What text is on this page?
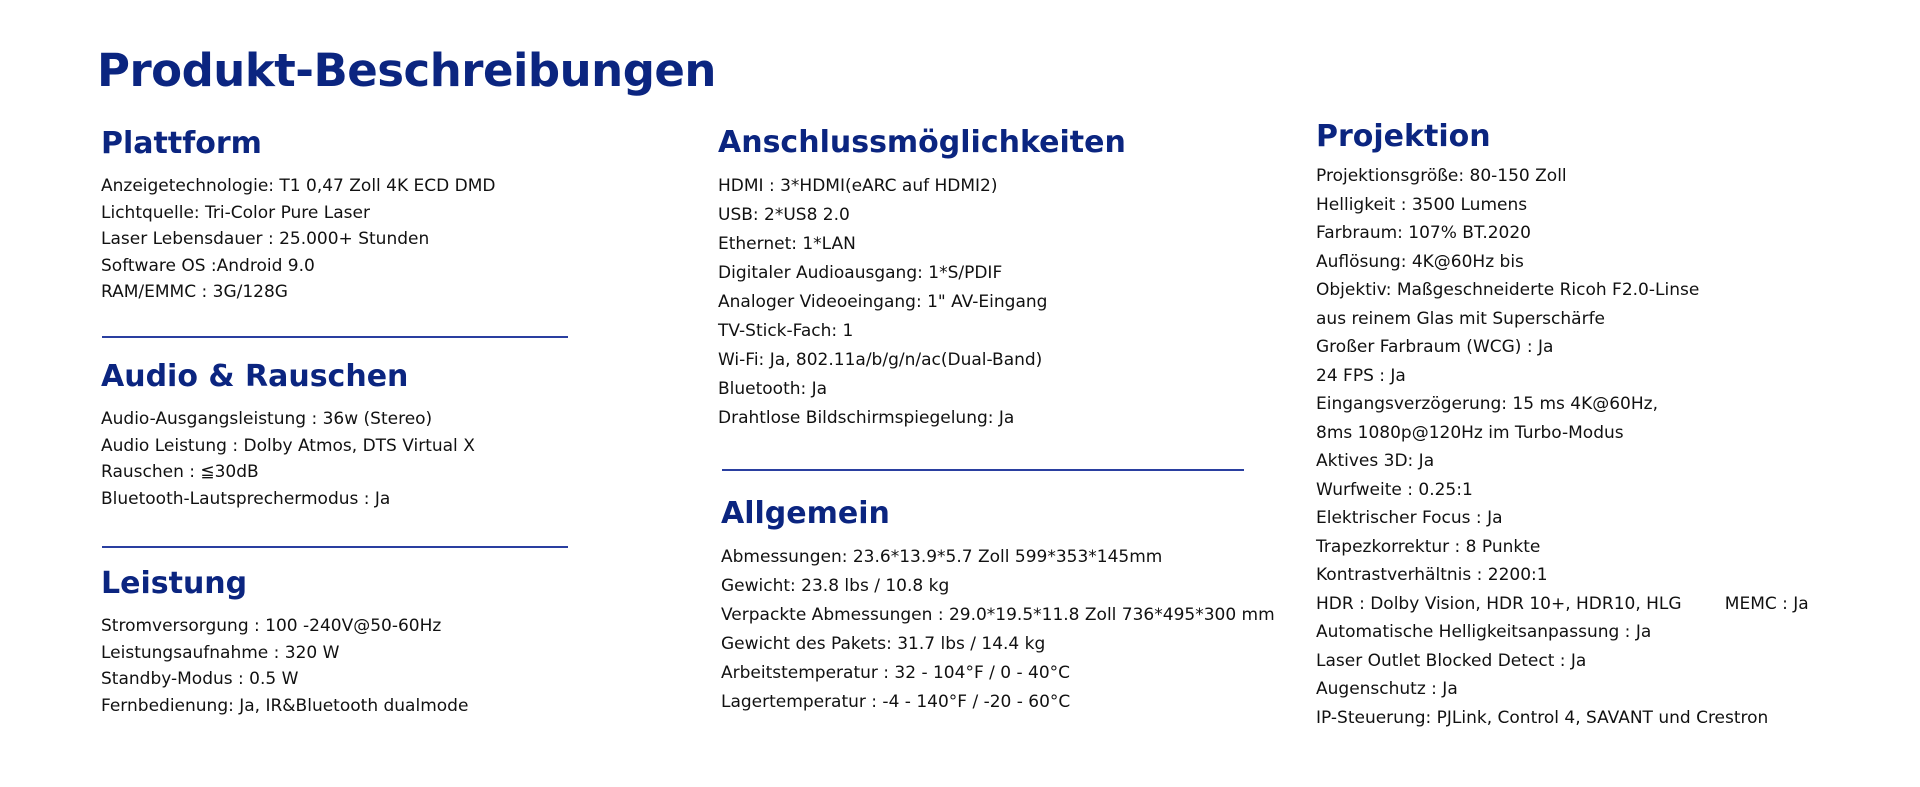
Produkt-Beschreibungen
Plattform
Anzeigetechnologie: T1 0,47 Zoll 4K ECD DMD
Lichtquelle: Tri-Color Pure Laser
Laser Lebensdauer : 25.000+ Stunden
Software OS :Android 9.0
RAM/EMMC : 3G/128G
Audio & Rauschen
Audio-Ausgangsleistung : 36w (Stereo)
Audio Leistung : Dolby Atmos, DTS Virtual X
Rauschen : ≦30dB
Bluetooth-Lautsprechermodus : Ja
Leistung
Stromversorgung : 100 -240V@50-60Hz
Leistungsaufnahme : 320 W
Standby-Modus : 0.5 W
Fernbedienung: Ja, IR&Bluetooth dualmode
Anschlussmöglichkeiten
HDMI : 3*HDMI(eARC auf HDMI2)
USB: 2*US8 2.0
Ethernet: 1*LAN
Digitaler Audioausgang: 1*S/PDIF
Analoger Videoeingang: 1" AV-Eingang
TV-Stick-Fach: 1
Wi-Fi: Ja, 802.11a/b/g/n/ac(Dual-Band)
Bluetooth: Ja
Drahtlose Bildschirmspiegelung: Ja
Allgemein
Abmessungen: 23.6*13.9*5.7 Zoll 599*353*145mm
Gewicht: 23.8 lbs / 10.8 kg
Verpackte Abmessungen : 29.0*19.5*11.8 Zoll 736*495*300 mm
Gewicht des Pakets: 31.7 lbs / 14.4 kg
Arbeitstemperatur : 32 - 104°F / 0 - 40°C
Lagertemperatur : -4 - 140°F / -20 - 60°C
Projektion
Projektionsgröße: 80-150 Zoll
Helligkeit : 3500 Lumens
Farbraum: 107% BT.2020
Auflösung: 4K@60Hz bis
Objektiv: Maßgeschneiderte Ricoh F2.0-Linse
aus reinem Glas mit Superschärfe
Großer Farbraum (WCG) : Ja
24 FPS : Ja
Eingangsverzögerung: 15 ms 4K@60Hz,
8ms 1080p@120Hz im Turbo-Modus
Aktives 3D: Ja
Wurfweite : 0.25:1
Elektrischer Focus : Ja
Trapezkorrektur : 8 Punkte
Kontrastverhältnis : 2200:1
HDR : Dolby Vision, HDR 10+, HDR10, HLG        MEMC : Ja
Automatische Helligkeitsanpassung : Ja
Laser Outlet Blocked Detect : Ja
Augenschutz : Ja
IP-Steuerung: PJLink, Control 4, SAVANT und Crestron
